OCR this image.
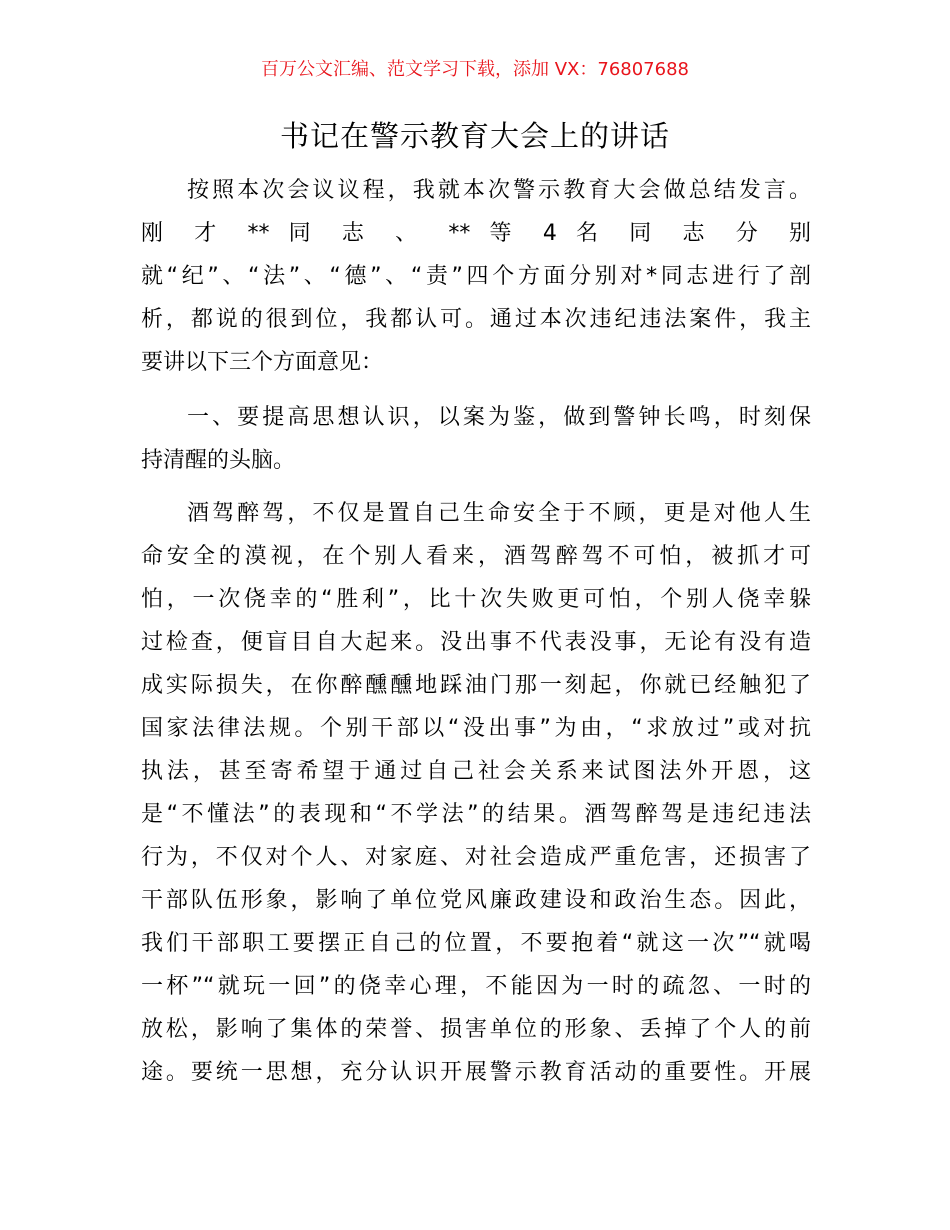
百万公文汇编、范文学习下载，添加 VX：76807688
书记在警示教育大会上的讲话
按照本次会议议程，我就本次警示教育大会做总结发言。
刚 才 ** 同 志 、 ** 等 4 名 同 志 分 别
就“纪”、“法”、“德”、“责”四个方面分别对*同志进行了剖
析，都说的很到位，我都认可。通过本次违纪违法案件，我主
要讲以下三个方面意见：
一、要提高思想认识，以案为鉴，做到警钟长鸣，时刻保
持清醒的头脑。
酒驾醉驾，不仅是置自己生命安全于不顾，更是对他人生
命安全的漠视，在个别人看来，酒驾醉驾不可怕，被抓才可
怕，一次侥幸的“胜利”，比十次失败更可怕，个别人侥幸躲
过检查，便盲目自大起来。没出事不代表没事，无论有没有造
成实际损失，在你醉醺醺地踩油门那一刻起，你就已经触犯了
国家法律法规。个别干部以“没出事”为由，“求放过”或对抗
执法，甚至寄希望于通过自己社会关系来试图法外开恩，这
是“不懂法”的表现和“不学法”的结果。酒驾醉驾是违纪违法
行为，不仅对个人、对家庭、对社会造成严重危害，还损害了
干部队伍形象，影响了单位党风廉政建设和政治生态。因此，
我们干部职工要摆正自己的位置，不要抱着“就这一次”“就喝
一杯”“就玩一回”的侥幸心理，不能因为一时的疏忽、一时的
放松，影响了集体的荣誉、损害单位的形象、丢掉了个人的前
途。要统一思想，充分认识开展警示教育活动的重要性。开展
